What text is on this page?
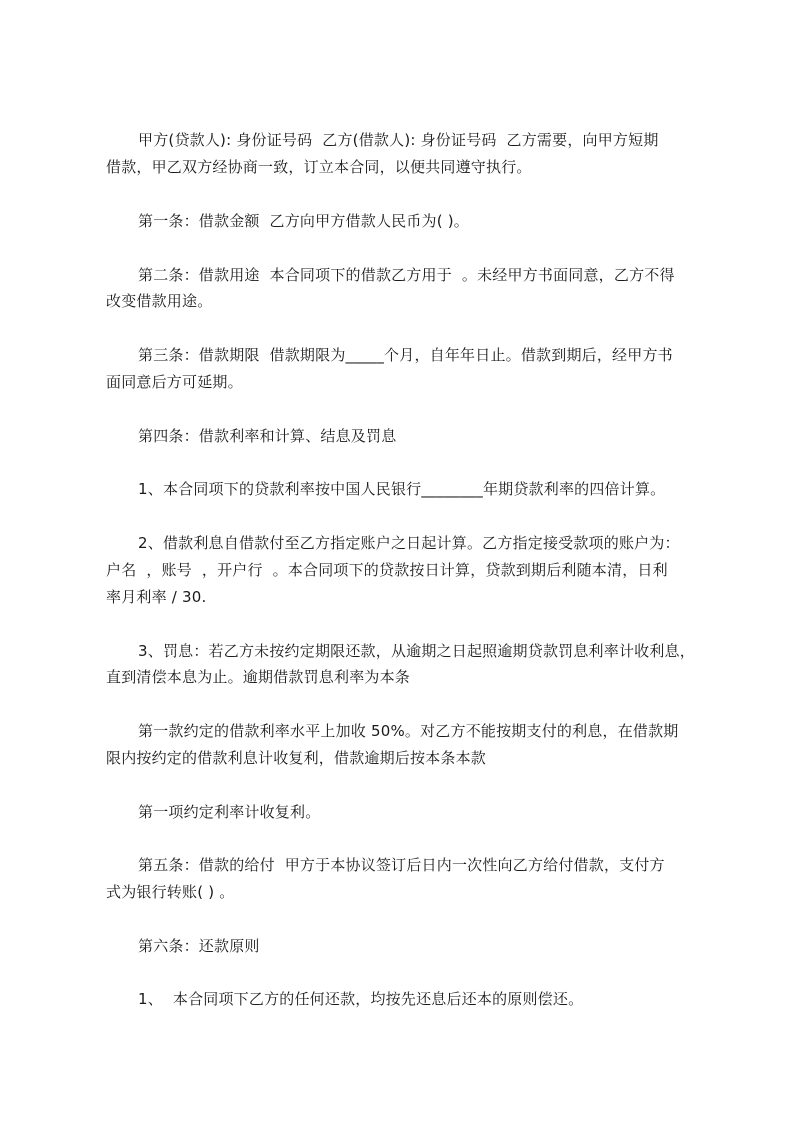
甲方(贷款人): 身份证号码  乙方(借款人): 身份证号码  乙方需要，向甲方短期
借款，甲乙双方经协商一致，订立本合同，以便共同遵守执行。
第一条：借款金额  乙方向甲方借款人民币为( )。
第二条：借款用途  本合同项下的借款乙方用于  。未经甲方书面同意，乙方不得
改变借款用途。
第三条：借款期限  借款期限为_____个月，自年年日止。借款到期后，经甲方书
面同意后方可延期。
第四条：借款利率和计算、结息及罚息
1、本合同项下的贷款利率按中国人民银行________年期贷款利率的四倍计算。
2、借款利息自借款付至乙方指定账户之日起计算。乙方指定接受款项的账户为：
户名  ，账号  ，开户行  。本合同项下的贷款按日计算，贷款到期后利随本清，日利
率月利率 / 30.
3、罚息：若乙方未按约定期限还款，从逾期之日起照逾期贷款罚息利率计收利息，
直到清偿本息为止。逾期借款罚息利率为本条
第一款约定的借款利率水平上加收 50%。对乙方不能按期支付的利息，在借款期
限内按约定的借款利息计收复利，借款逾期后按本条本款
第一项约定利率计收复利。
第五条：借款的给付  甲方于本协议签订后日内一次性向乙方给付借款，支付方
式为银行转账( ) 。
第六条：还款原则
1、  本合同项下乙方的任何还款，均按先还息后还本的原则偿还。
